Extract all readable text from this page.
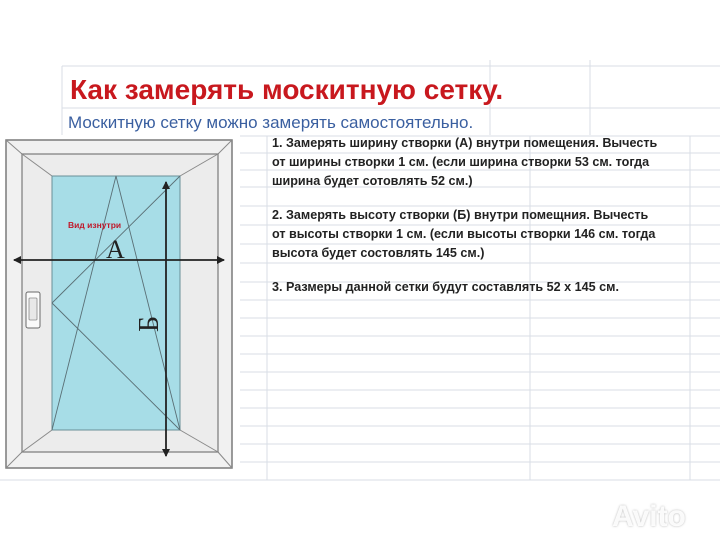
Как замерять москитную сетку.
Москитную сетку можно замерять самостоятельно.
1. Замерять ширину створки (А) внутри помещения. Вычесть
от ширины створки 1 см. (если ширина створки 53 см. тогда
ширина будет сотовлять 52 см.)
2. Замерять высоту створки (Б) внутри помещния. Вычесть
от высоты створки 1 см. (если высоты створки 146 см. тогда
высота будет состовлять 145 см.)
3. Размеры данной сетки будут составлять 52 х 145 см.
Вид изнутри
А
Б
Avito
